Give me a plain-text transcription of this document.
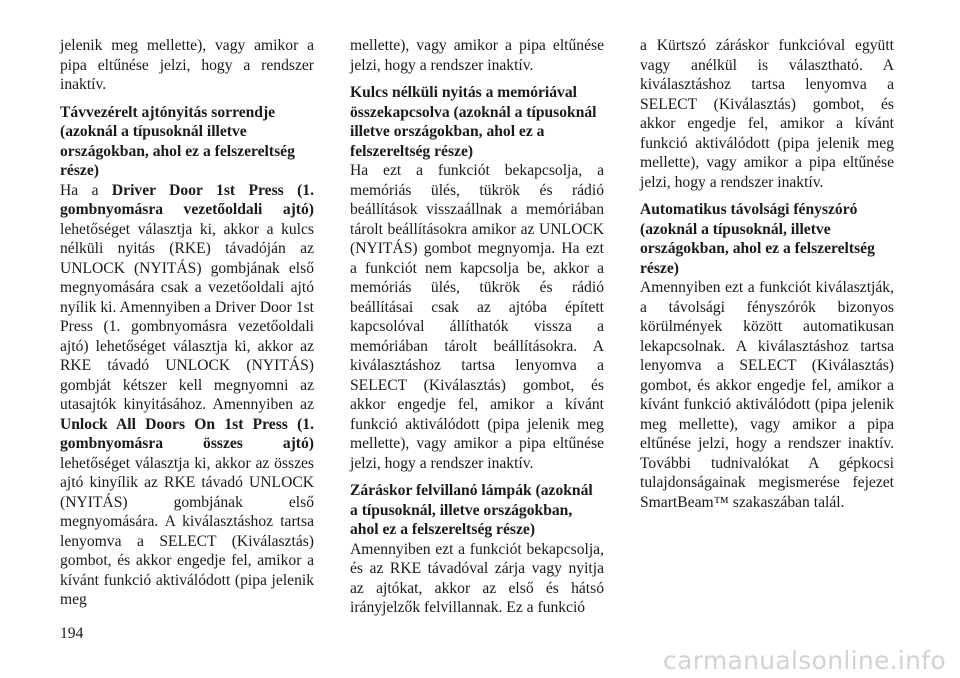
jelenik meg mellette), vagy amikor a pipa eltűnése jelzi, hogy a rendszer inaktív.

Távvezérelt ajtónyitás sorrendje (azoknál a típusoknál illetve országokban, ahol ez a felszereltség része)

Ha a Driver Door 1st Press (1. gombnyomásra vezetőoldali ajtó) lehetőséget választja ki, akkor a kulcs nélküli nyitás (RKE) távadóján az UNLOCK (NYITÁS) gombjának első megnyomására csak a vezetőoldali ajtó nyílik ki. Amennyiben a Driver Door 1st Press (1. gombnyomásra vezetőoldali ajtó) lehetőséget választja ki, akkor az RKE távadó UNLOCK (NYITÁS) gombját kétszer kell megnyomni az utasajtók kinyitásához. Amennyiben az Unlock All Doors On 1st Press (1. gombnyomásra összes ajtó) lehetőséget választja ki, akkor az összes ajtó kinyílik az RKE távadó UNLOCK (NYITÁS) gombjának első megnyomására. A kiválasztáshoz tartsa lenyomva a SELECT (Kiválasztás) gombot, és akkor engedje fel, amikor a kívánt funkció aktiválódott (pipa jelenik meg

mellette), vagy amikor a pipa eltűnése jelzi, hogy a rendszer inaktív.

Kulcs nélküli nyitás a memóriával összekapcsolva (azoknál a típusoknál illetve országokban, ahol ez a felszereltség része)

Ha ezt a funkciót bekapcsolja, a memóriás ülés, tükrök és rádió beállítások visszaállnak a memóriában tárolt beállításokra amikor az UNLOCK (NYITÁS) gombot megnyomja. Ha ezt a funkciót nem kapcsolja be, akkor a memóriás ülés, tükrök és rádió beállításai csak az ajtóba épített kapcsolóval állíthatók vissza a memóriában tárolt beállításokra. A kiválasztáshoz tartsa lenyomva a SELECT (Kiválasztás) gombot, és akkor engedje fel, amikor a kívánt funkció aktiválódott (pipa jelenik meg mellette), vagy amikor a pipa eltűnése jelzi, hogy a rendszer inaktív.

Záráskor felvillanó lámpák (azoknál a típusoknál, illetve országokban, ahol ez a felszereltség része)

Amennyiben ezt a funkciót bekapcsolja, és az RKE távadóval zárja vagy nyitja az ajtókat, akkor az első és hátsó irányjelzők felvillannak. Ez a funkció

a Kürtszó záráskor funkcióval együtt vagy anélkül is választható. A kiválasztáshoz tartsa lenyomva a SELECT (Kiválasztás) gombot, és akkor engedje fel, amikor a kívánt funkció aktiválódott (pipa jelenik meg mellette), vagy amikor a pipa eltűnése jelzi, hogy a rendszer inaktív.

Automatikus távolsági fényszóró (azoknál a típusoknál, illetve országokban, ahol ez a felszereltség része)

Amennyiben ezt a funkciót kiválasztják, a távolsági fényszórók bizonyos körülmények között automatikusan lekapcsolnak. A kiválasztáshoz tartsa lenyomva a SELECT (Kiválasztás) gombot, és akkor engedje fel, amikor a kívánt funkció aktiválódott (pipa jelenik meg mellette), vagy amikor a pipa eltűnése jelzi, hogy a rendszer inaktív. További tudnivalókat A gépkocsi tulajdonságainak megismerése fejezet SmartBeam™ szakaszában talál.

194
carmanualsonline.info
